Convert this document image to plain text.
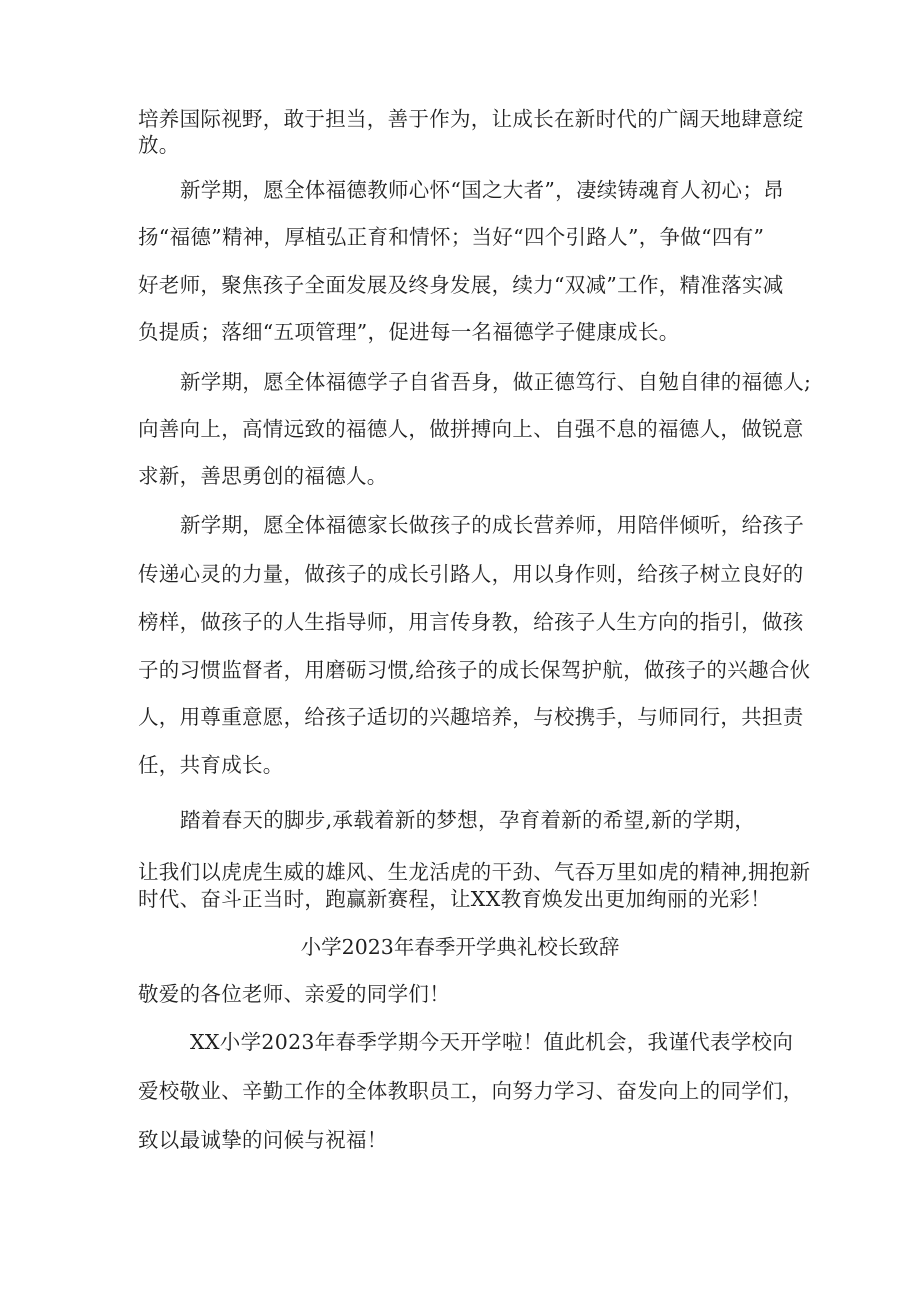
培养国际视野，敢于担当，善于作为，让成长在新时代的广阔天地肆意绽
放。
新学期，愿全体福德教师心怀“国之大者”，凄续铸魂育人初心；昂
扬“福德”精神，厚植弘正育和情怀；当好“四个引路人”，争做“四有”
好老师，聚焦孩子全面发展及终身发展，续力“双减”工作，精准落实减
负提质；落细“五项管理”，促进每一名福德学子健康成长。
新学期，愿全体福德学子自省吾身，做正德笃行、自勉自律的福德人;
向善向上，高情远致的福德人，做拼搏向上、自强不息的福德人，做锐意
求新，善思勇创的福德人。
新学期，愿全体福德家长做孩子的成长营养师，用陪伴倾听，给孩子
传递心灵的力量，做孩子的成长引路人，用以身作则，给孩子树立良好的
榜样，做孩子的人生指导师，用言传身教，给孩子人生方向的指引，做孩
子的习惯监督者，用磨砺习惯,给孩子的成长保驾护航，做孩子的兴趣合伙
人，用尊重意愿，给孩子适切的兴趣培养，与校携手，与师同行，共担责
任，共育成长。
踏着春天的脚步,承载着新的梦想，孕育着新的希望,新的学期，
让我们以虎虎生威的雄风、生龙活虎的干劲、气吞万里如虎的精神,拥抱新
时代、奋斗正当时，跑赢新赛程，让XX教育焕发出更加绚丽的光彩！
小学2023年春季开学典礼校长致辞
敬爱的各位老师、亲爱的同学们！
XX小学2023年春季学期今天开学啦！值此机会，我谨代表学校向
爱校敬业、辛勤工作的全体教职员工，向努力学习、奋发向上的同学们，
致以最诚挚的问候与祝福！
